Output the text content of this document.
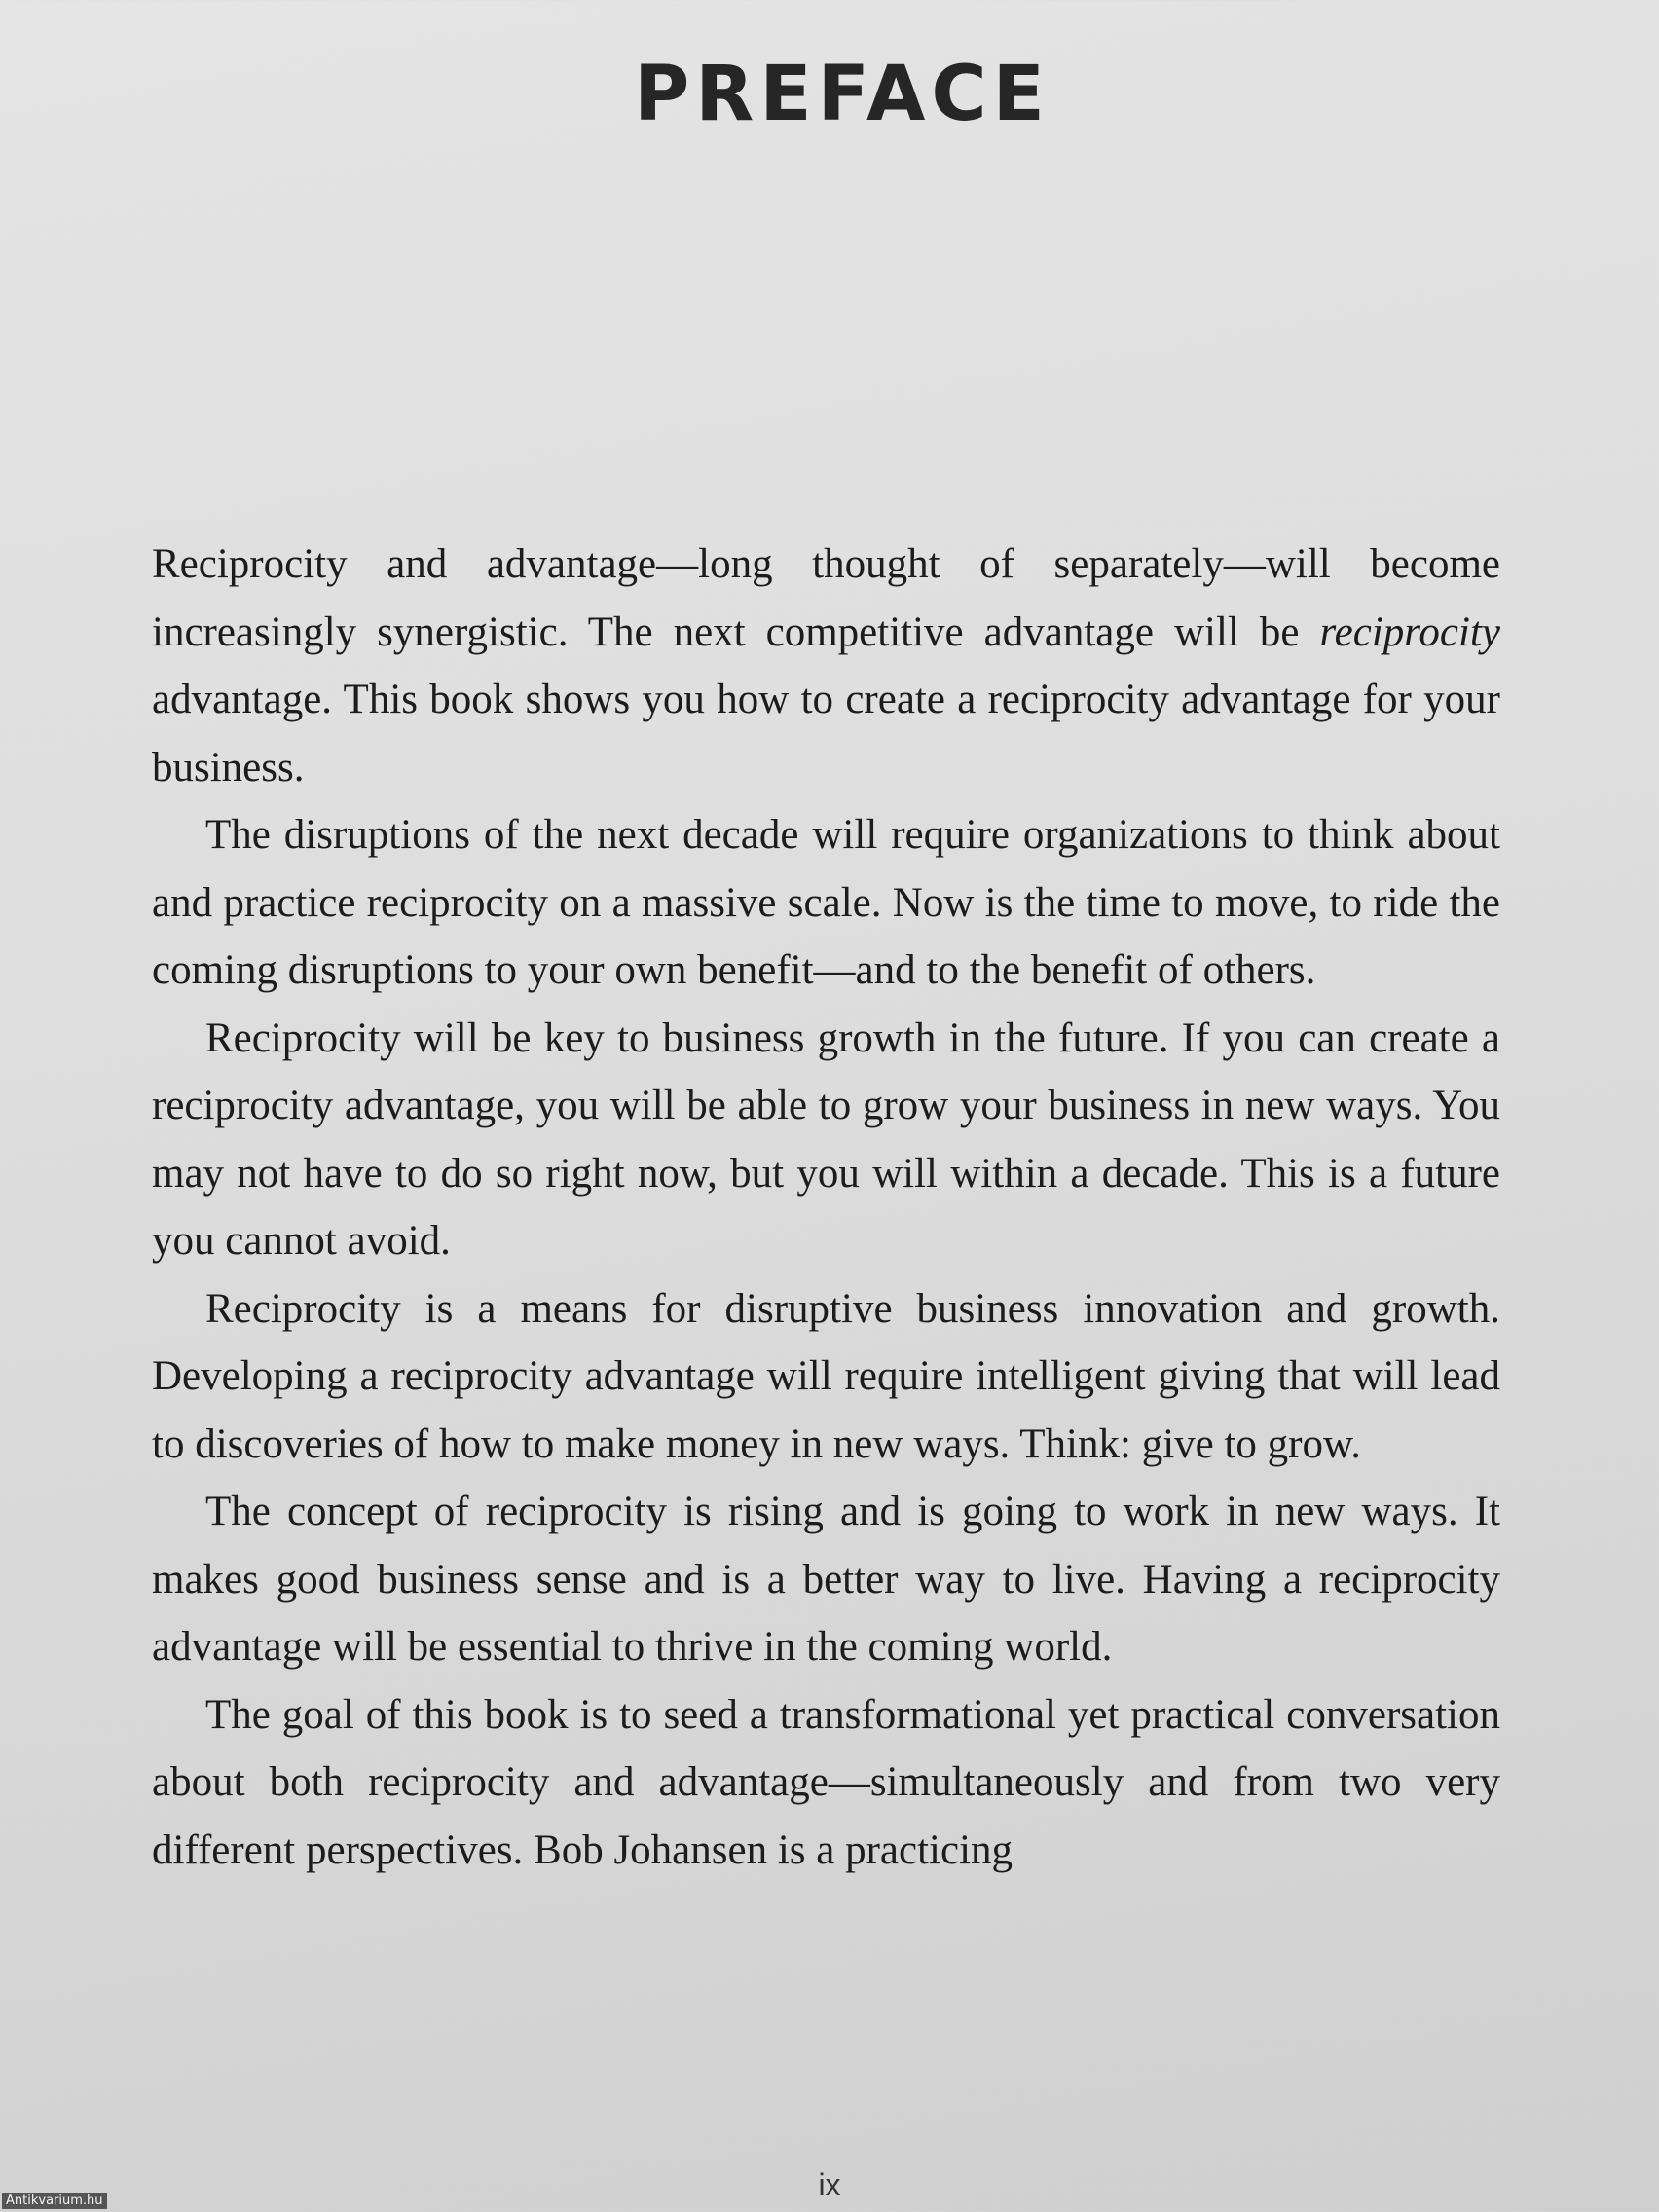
PREFACE

Reciprocity and advantage—long thought of separately—will become increasingly synergistic. The next competitive advantage will be reciprocity advantage. This book shows you how to create a reciprocity advantage for your business.

The disruptions of the next decade will require organizations to think about and practice reciprocity on a massive scale. Now is the time to move, to ride the coming disruptions to your own benefit—and to the benefit of others.

Reciprocity will be key to business growth in the future. If you can create a reciprocity advantage, you will be able to grow your business in new ways. You may not have to do so right now, but you will within a decade. This is a future you cannot avoid.

Reciprocity is a means for disruptive business innovation and growth. Developing a reciprocity advantage will require intelligent giving that will lead to discoveries of how to make money in new ways. Think: give to grow.

The concept of reciprocity is rising and is going to work in new ways. It makes good business sense and is a better way to live. Having a reciprocity advantage will be essential to thrive in the coming world.

The goal of this book is to seed a transformational yet practical conversation about both reciprocity and advantage—simultaneously and from two very different perspectives. Bob Johansen is a practicing

ix
Antikvarium.hu
